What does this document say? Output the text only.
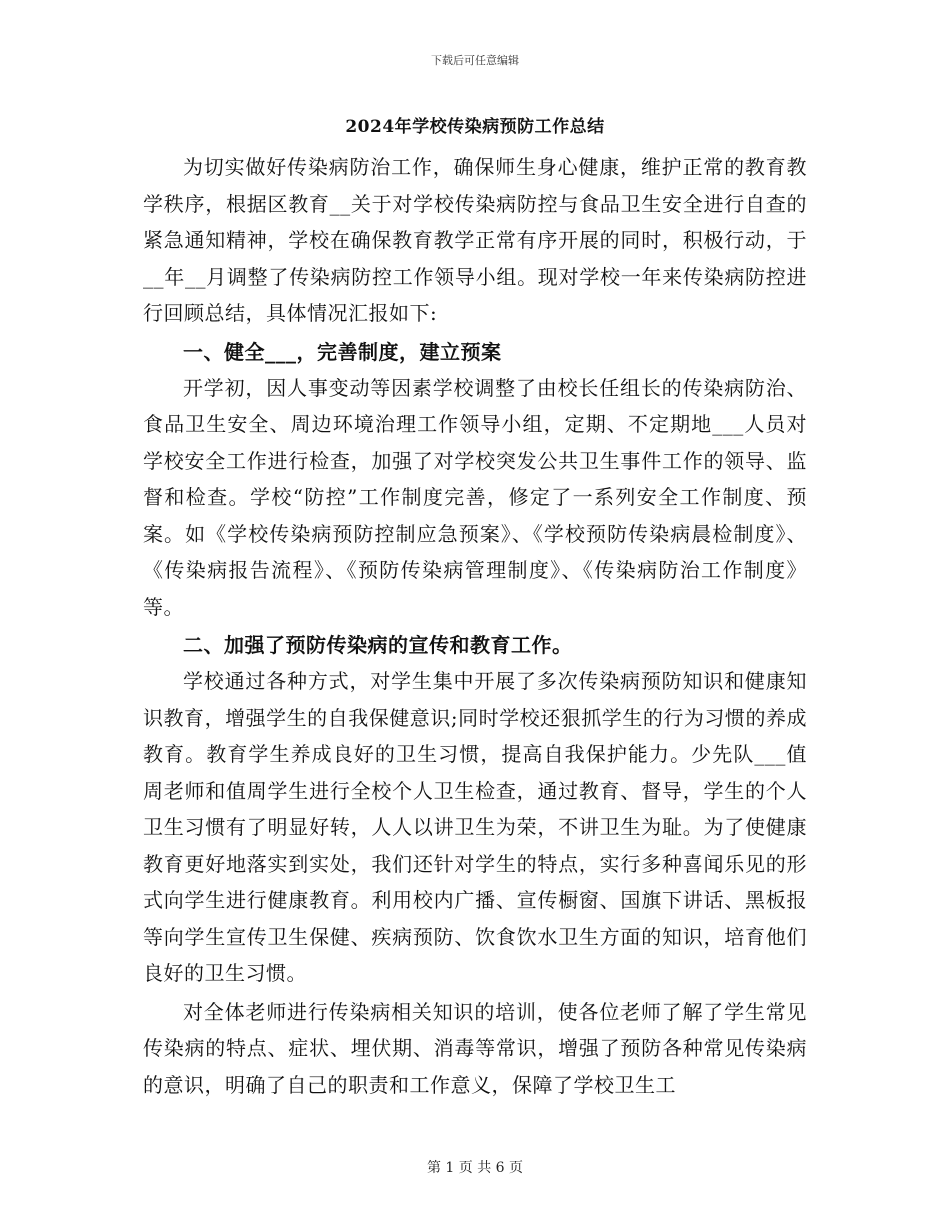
下载后可任意编辑
2024年学校传染病预防工作总结

为切实做好传染病防治工作，确保师生身心健康，维护正常的教育教学秩序，根据区教育__关于对学校传染病防控与食品卫生安全进行自查的紧急通知精神，学校在确保教育教学正常有序开展的同时，积极行动，于__年__月调整了传染病防控工作领导小组。现对学校一年来传染病防控进行回顾总结，具体情况汇报如下:

一、健全___，完善制度，建立预案

开学初，因人事变动等因素学校调整了由校长任组长的传染病防治、食品卫生安全、周边环境治理工作领导小组，定期、不定期地___人员对学校安全工作进行检查，加强了对学校突发公共卫生事件工作的领导、监督和检查。学校“防控”工作制度完善，修定了一系列安全工作制度、预案。如《学校传染病预防控制应急预案》、《学校预防传染病晨检制度》、《传染病报告流程》、《预防传染病管理制度》、《传染病防治工作制度》等。

二、加强了预防传染病的宣传和教育工作。

学校通过各种方式，对学生集中开展了多次传染病预防知识和健康知识教育，增强学生的自我保健意识;同时学校还狠抓学生的行为习惯的养成教育。教育学生养成良好的卫生习惯，提高自我保护能力。少先队___值周老师和值周学生进行全校个人卫生检查，通过教育、督导，学生的个人卫生习惯有了明显好转，人人以讲卫生为荣，不讲卫生为耻。为了使健康教育更好地落实到实处，我们还针对学生的特点，实行多种喜闻乐见的形式向学生进行健康教育。利用校内广播、宣传橱窗、国旗下讲话、黑板报等向学生宣传卫生保健、疾病预防、饮食饮水卫生方面的知识，培育他们良好的卫生习惯。

对全体老师进行传染病相关知识的培训，使各位老师了解了学生常见传染病的特点、症状、埋伏期、消毒等常识，增强了预防各种常见传染病的意识，明确了自己的职责和工作意义，保障了学校卫生工

第 1 页 共 6 页
